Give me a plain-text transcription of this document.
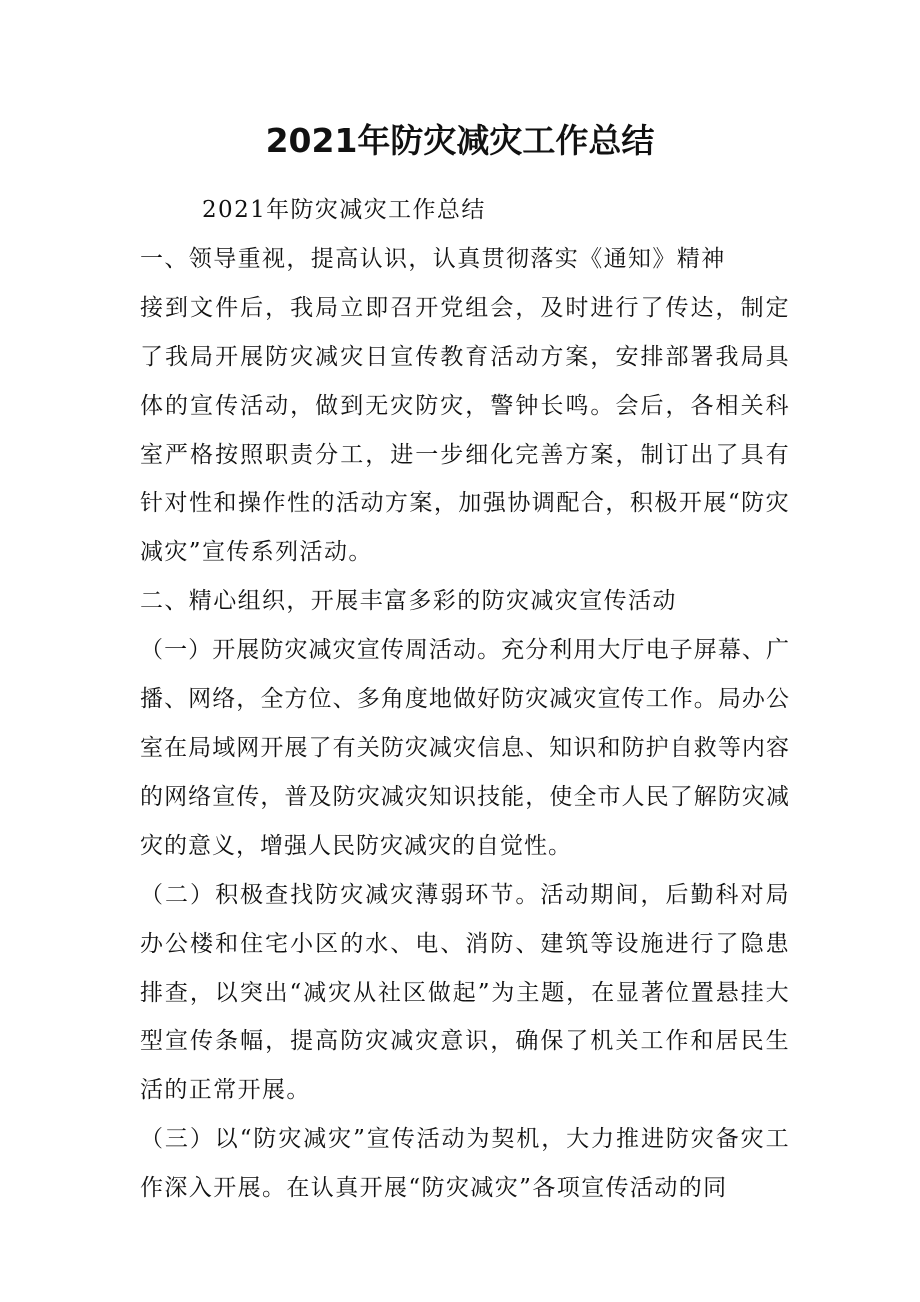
2021年防灾减灾工作总结

2021年防灾减灾工作总结

一、领导重视，提高认识，认真贯彻落实《通知》精神

接到文件后，我局立即召开党组会，及时进行了传达，制定了我局开展防灾减灾日宣传教育活动方案，安排部署我局具体的宣传活动，做到无灾防灾，警钟长鸣。会后，各相关科室严格按照职责分工，进一步细化完善方案，制订出了具有针对性和操作性的活动方案，加强协调配合，积极开展“防灾减灾”宣传系列活动。

二、精心组织，开展丰富多彩的防灾减灾宣传活动

（一）开展防灾减灾宣传周活动。充分利用大厅电子屏幕、广播、网络，全方位、多角度地做好防灾减灾宣传工作。局办公室在局域网开展了有关防灾减灾信息、知识和防护自救等内容的网络宣传，普及防灾减灾知识技能，使全市人民了解防灾减灾的意义，增强人民防灾减灾的自觉性。

（二）积极查找防灾减灾薄弱环节。活动期间，后勤科对局办公楼和住宅小区的水、电、消防、建筑等设施进行了隐患排查，以突出“减灾从社区做起”为主题，在显著位置悬挂大型宣传条幅，提高防灾减灾意识，确保了机关工作和居民生活的正常开展。

（三）以“防灾减灾”宣传活动为契机，大力推进防灾备灾工作深入开展。在认真开展“防灾减灾”各项宣传活动的同
